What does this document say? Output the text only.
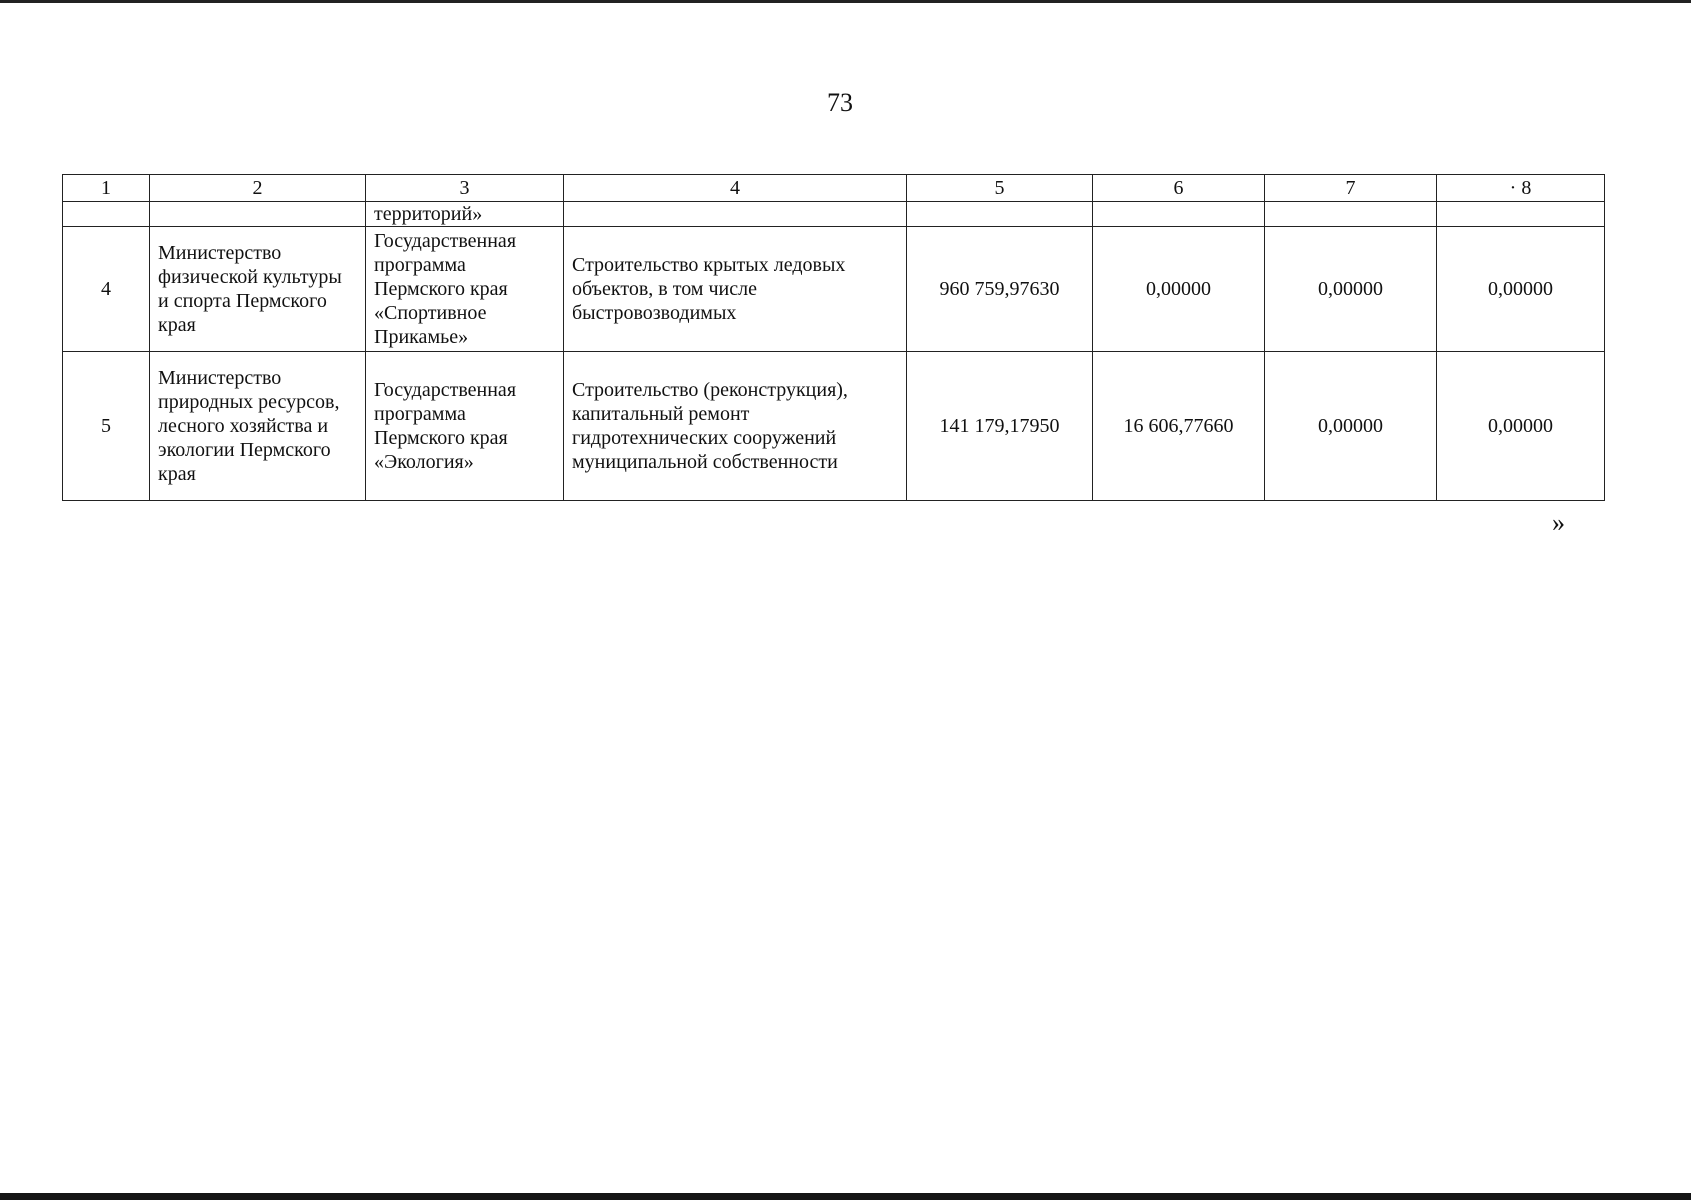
73
1	2	3	4	5	6	7	· 8
		территорий»					
4	Министерство физической культуры и спорта Пермского края	Государственная программа Пермского края «Спортивное Прикамье»	Строительство крытых ледовых объектов, в том числе быстровозводимых	960 759,97630	0,00000	0,00000	0,00000
5	Министерство природных ресурсов, лесного хозяйства и экологии Пермского края	Государственная программа Пермского края «Экология»	Строительство (реконструкция), капитальный ремонт гидротехнических сооружений муниципальной собственности	141 179,17950	16 606,77660	0,00000	0,00000
»
